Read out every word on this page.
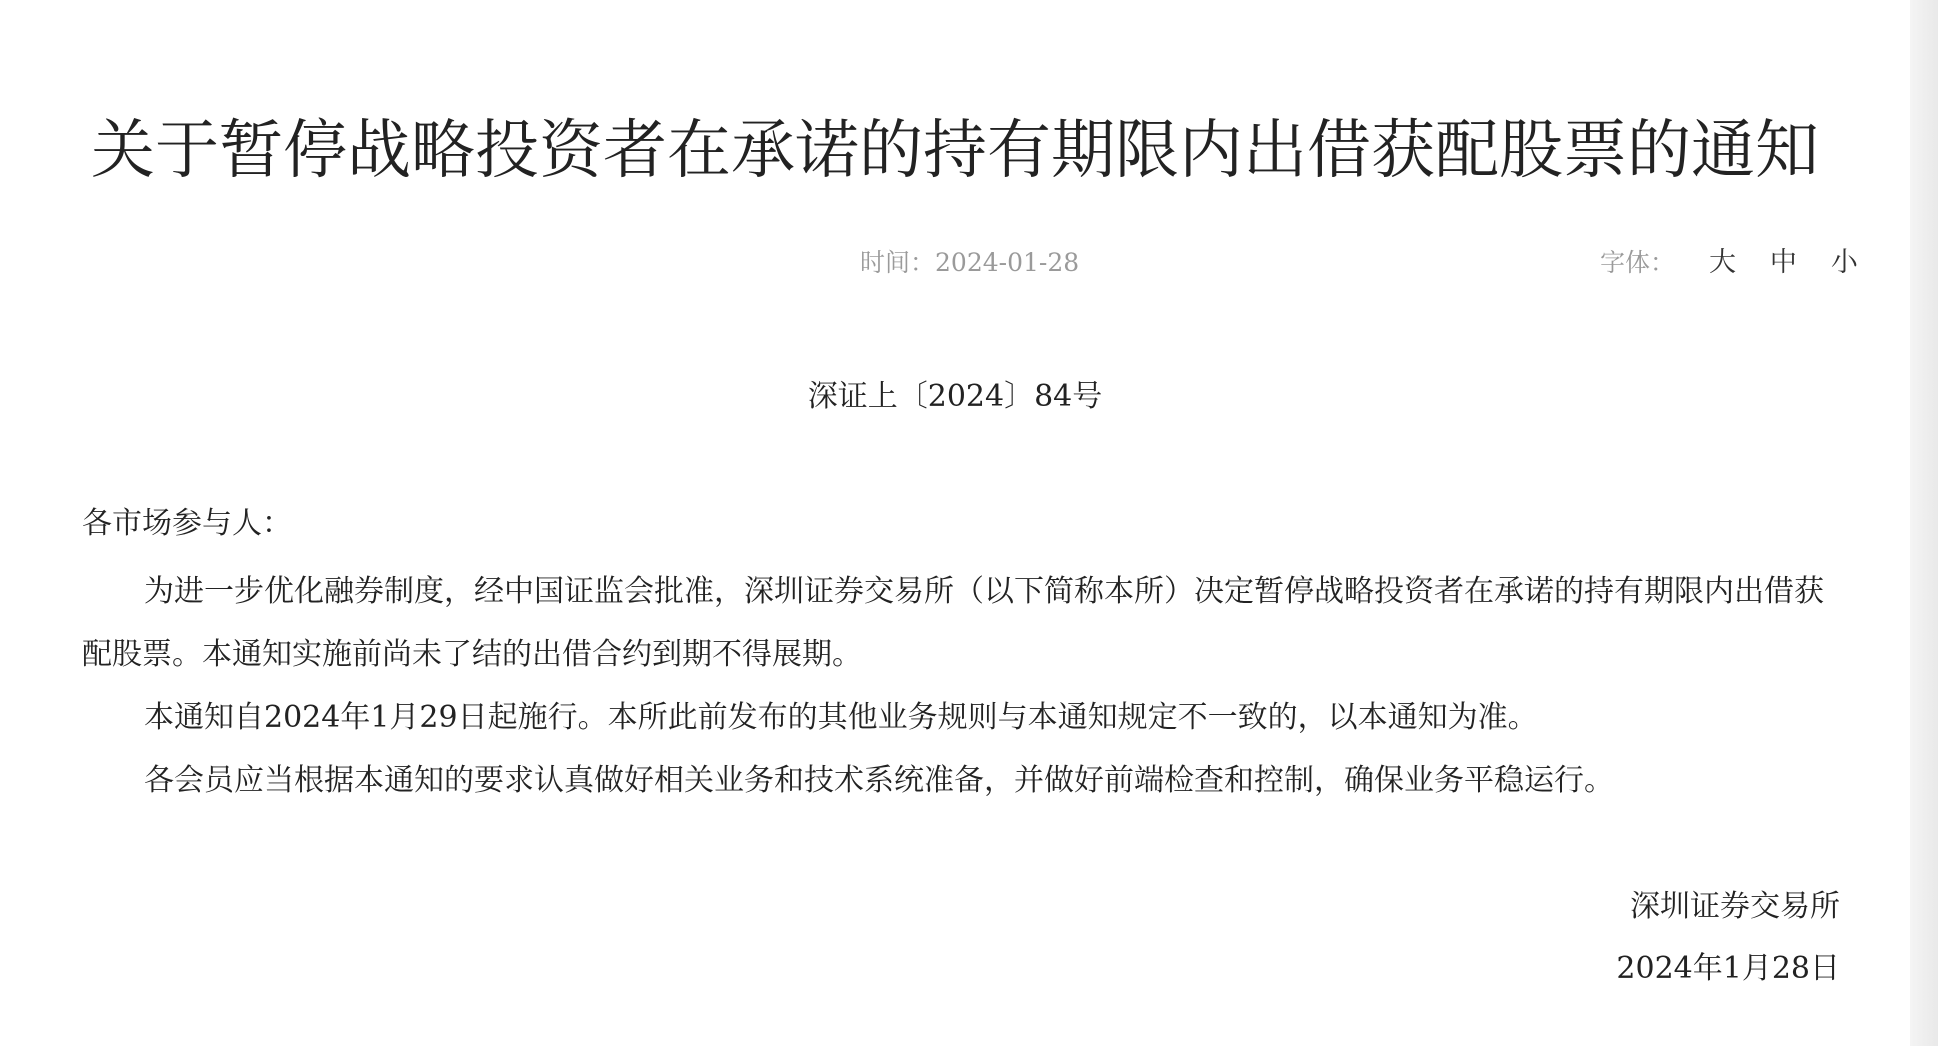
关于暂停战略投资者在承诺的持有期限内出借获配股票的通知
时间：2024-01-28	字体： 大 中 小
深证上〔2024〕84号
各市场参与人：

为进一步优化融券制度，经中国证监会批准，深圳证券交易所（以下简称本所）决定暂停战略投资者在承诺的持有期限内出借获配股票。本通知实施前尚未了结的出借合约到期不得展期。

本通知自2024年1月29日起施行。本所此前发布的其他业务规则与本通知规定不一致的，以本通知为准。

各会员应当根据本通知的要求认真做好相关业务和技术系统准备，并做好前端检查和控制，确保业务平稳运行。

深圳证券交易所
2024年1月28日
